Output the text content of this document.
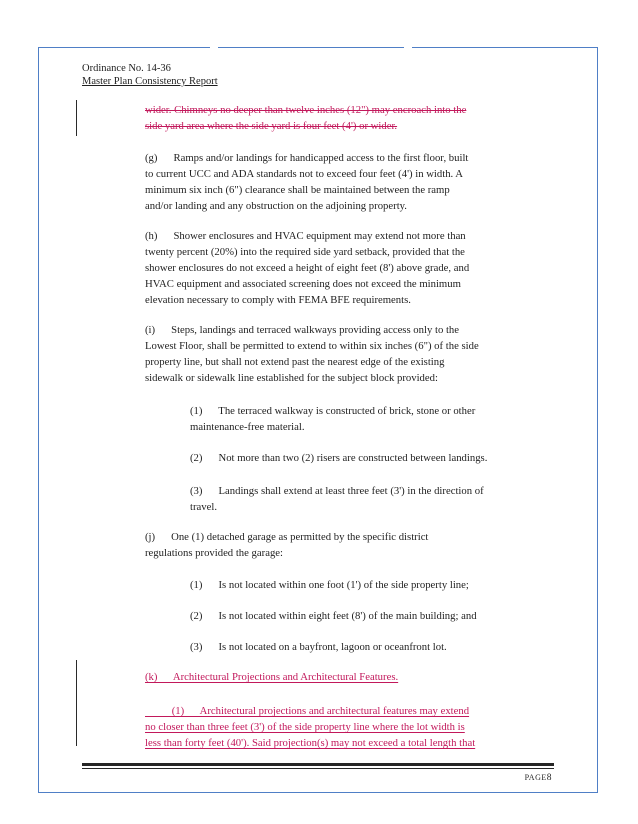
Ordinance No. 14-36
Master Plan Consistency Report

wider. Chimneys no deeper than twelve inches (12") may encroach into the

side yard area where the side yard is four feet (4') or wider.

(g)      Ramps and/or landings for handicapped access to the first floor, built

to current UCC and ADA standards not to exceed four feet (4') in width. A

minimum six inch (6") clearance shall be maintained between the ramp

and/or landing and any obstruction on the adjoining property.

(h)      Shower enclosures and HVAC equipment may extend not more than

twenty percent (20%) into the required side yard setback, provided that the

shower enclosures do not exceed a height of eight feet (8') above grade, and

HVAC equipment and associated screening does not exceed the minimum

elevation necessary to comply with FEMA BFE requirements.

(i)      Steps, landings and terraced walkways providing access only to the

Lowest Floor, shall be permitted to extend to within six inches (6") of the side

property line, but shall not extend past the nearest edge of the existing

sidewalk or sidewalk line established for the subject block provided:

(1)      The terraced walkway is constructed of brick, stone or other

maintenance-free material.

(2)      Not more than two (2) risers are constructed between landings.

(3)      Landings shall extend at least three feet (3') in the direction of

travel.

(j)      One (1) detached garage as permitted by the specific district

regulations provided the garage:

(1)      Is not located within one foot (1') of the side property line;

(2)      Is not located within eight feet (8') of the main building; and

(3)      Is not located on a bayfront, lagoon or oceanfront lot.

(k)      Architectural Projections and Architectural Features.

(1)      Architectural projections and architectural features may extend

no closer than three feet (3') of the side property line where the lot width is

less than forty feet (40'). Said projection(s) may not exceed a total length that

PAGE8
